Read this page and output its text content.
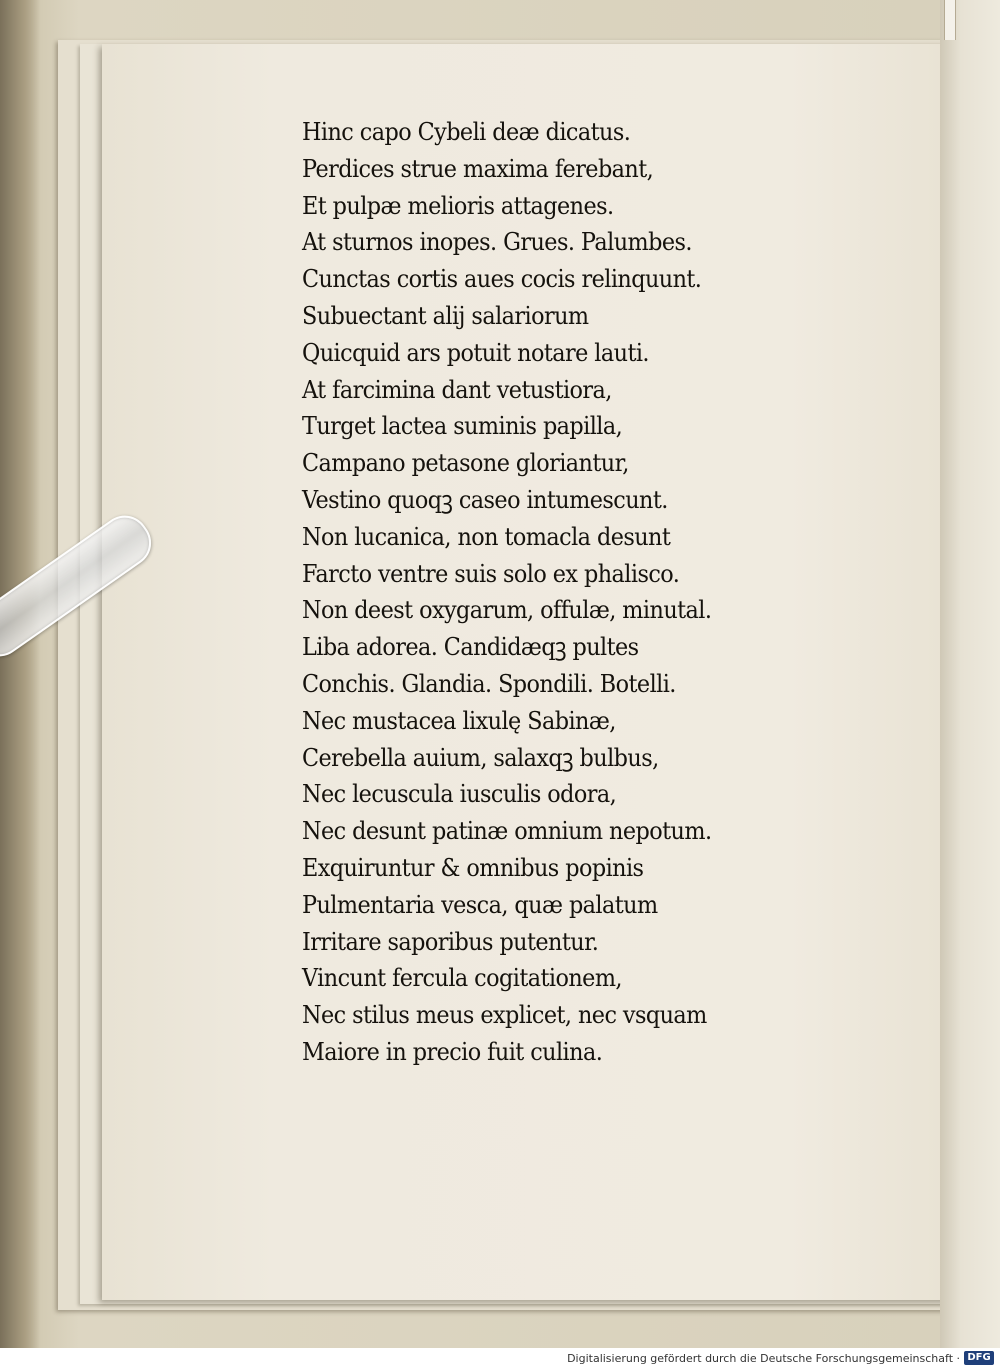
Hinc capo Cybeli deæ dicatus.
Perdices strue maxima ferebant,
Et pulpæ melioris attagenes.
At sturnos inopes. Grues. Palumbes.
Cunctas cortis aues cocis relinquunt.
Subuectant alij salariorum
Quicquid ars potuit notare lauti.
At farcimina dant vetustiora,
Turget lactea suminis papilla,
Campano petasone gloriantur,
Vestino quoqꝫ caseo intumescunt.
Non lucanica, non tomacla desunt
Farcto ventre suis solo ex phalisco.
Non deest oxygarum, offulæ, minutal.
Liba adorea. Candidæqꝫ pultes
Conchis. Glandia. Spondili. Botelli.
Nec mustacea lixulę Sabinæ,
Cerebella auium, salaxqꝫ bulbus,
Nec lecusculа iusculis odora,
Nec desunt patinæ omnium nepotum.
Exquiruntur & omnibus popinis
Pulmentaria vesca, quæ palatum
Irritare saporibus putentur.
Vincunt fercula cogitationem,
Nec stilus meus explicet, nec vsquam
Maiore in precio fuit culina.
Digitalisierung gefördert durch die Deutsche Forschungsgemeinschaft · DFG
